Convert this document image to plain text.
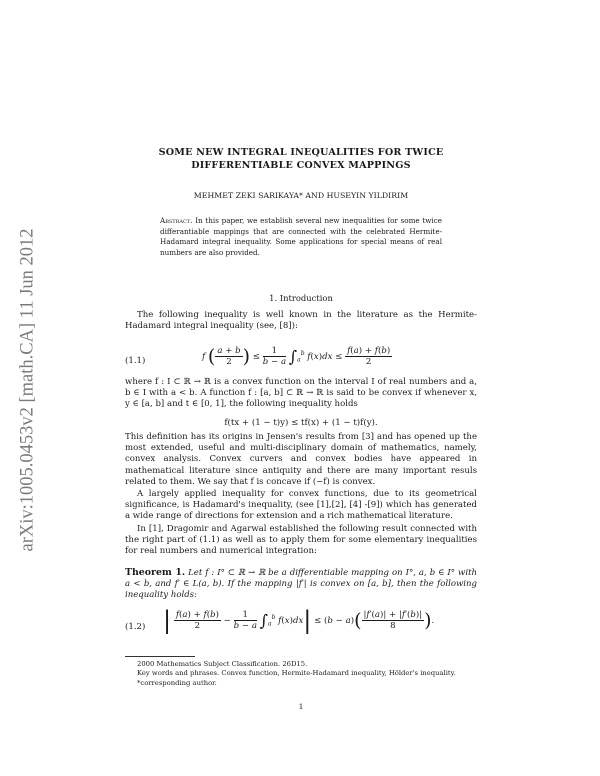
arXiv:1005.0453v2 [math.CA] 11 Jun 2012
SOME NEW INTEGRAL INEQUALITIES FOR TWICE
DIFFERENTIABLE CONVEX MAPPINGS
MEHMET ZEKI SARIKAYA* AND HUSEYIN YILDIRIM
Abstract. In this paper, we establish several new inequalities for some twice differantiable mappings that are connected with the celebrated Hermite-Hadamard integral inequality. Some applications for special means of real numbers are also provided.
1. Introduction

The following inequality is well known in the literature as the Hermite-Hadamard integral inequality (see, [8]):

(1.1)	f ( $\frac{a + b}{2}$ ) ≤ $\frac{1}{b - a} \int_a^b$ $f(x)dx \le \frac{f(a) + f(b)}{2}$

where f : I ⊂ ℝ → ℝ is a convex function on the interval I of real numbers and a, b ∈ I with a < b. A function f : [a, b] ⊂ ℝ → ℝ is said to be convex if whenever x, y ∈ [a, b] and t ∈ [0, 1], the following inequality holds

f(tx + (1 − t)y) ≤ tf(x) + (1 − t)f(y).

This definition has its origins in Jensen's results from [3] and has opened up the most extended, useful and multi-disciplinary domain of mathematics, namely, convex analysis. Convex curvers and convex bodies have appeared in mathematical literature since antiquity and there are many important resuls related to them. We say that f is concave if (−f) is convex.

A largely applied inequality for convex functions, due to its geometrical significance, is Hadamard's inequality, (see [1],[2], [4] -[9]) which has generated a wide range of directions for extension and a rich mathematical literature.

In [1], Dragomir and Agarwal established the following result connected with the right part of (1.1) as well as to apply them for some elementary inequalities for real numbers and numerical integration:

Theorem 1. Let f : I° ⊂ ℝ → ℝ be a differentiable mapping on I°, a, b ∈ I° with a < b, and f′ ∈ L(a, b). If the mapping |f′| is convex on [a, b], then the following inequality holds:

(1.2) | $\frac{f(a) + f(b)}{2} - \frac{1}{b - a} \int_a^b$ $f(x)dx| \le (b - a)( \frac{|f'(a)| + |f'(b)|}{8}$ ).
2000 Mathematics Subject Classification. 26D15.
Key words and phrases. Convex function, Hermite-Hadamard inequality, Hölder's inequality.
*corresponding author.
1
